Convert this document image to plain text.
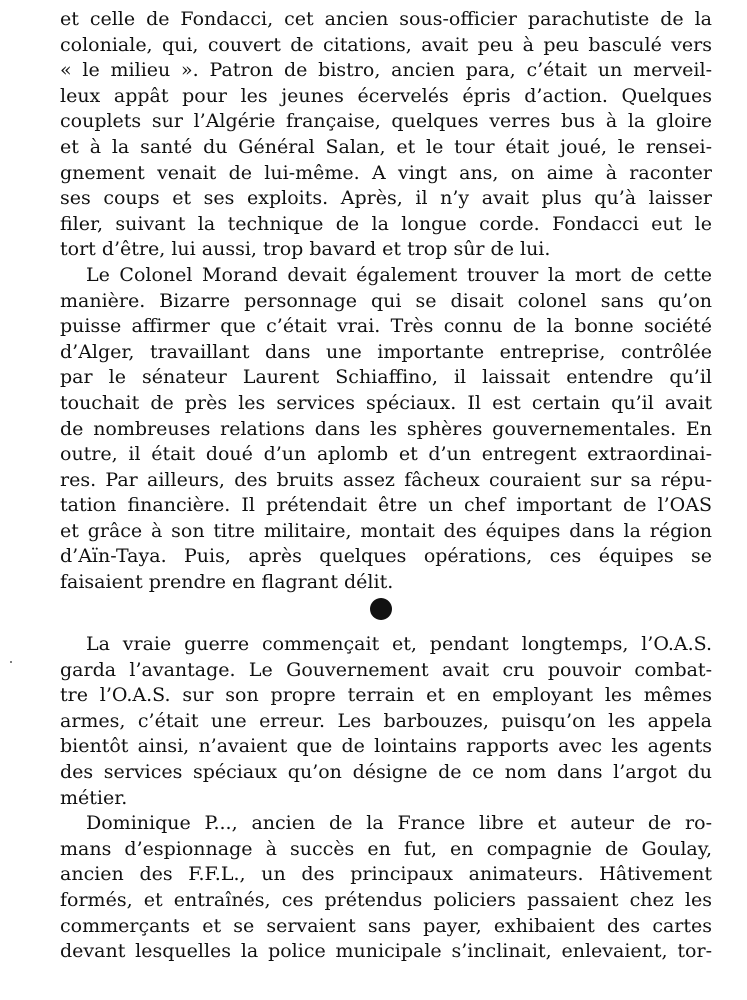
et celle de Fondacci, cet ancien sous-officier parachutiste de la
coloniale, qui, couvert de citations, avait peu à peu basculé vers
« le milieu ». Patron de bistro, ancien para, c’était un merveil-
leux appât pour les jeunes écervelés épris d’action. Quelques
couplets sur l’Algérie française, quelques verres bus à la gloire
et à la santé du Général Salan, et le tour était joué, le rensei-
gnement venait de lui-même. A vingt ans, on aime à raconter
ses coups et ses exploits. Après, il n’y avait plus qu’à laisser
filer, suivant la technique de la longue corde. Fondacci eut le
tort d’être, lui aussi, trop bavard et trop sûr de lui.
Le Colonel Morand devait également trouver la mort de cette
manière. Bizarre personnage qui se disait colonel sans qu’on
puisse affirmer que c’était vrai. Très connu de la bonne société
d’Alger, travaillant dans une importante entreprise, contrôlée
par le sénateur Laurent Schiaffino, il laissait entendre qu’il
touchait de près les services spéciaux. Il est certain qu’il avait
de nombreuses relations dans les sphères gouvernementales. En
outre, il était doué d’un aplomb et d’un entregent extraordinai-
res. Par ailleurs, des bruits assez fâcheux couraient sur sa répu-
tation financière. Il prétendait être un chef important de l’OAS
et grâce à son titre militaire, montait des équipes dans la région
d’Aïn-Taya. Puis, après quelques opérations, ces équipes se
faisaient prendre en flagrant délit.
La vraie guerre commençait et, pendant longtemps, l’O.A.S.
garda l’avantage. Le Gouvernement avait cru pouvoir combat-
tre l’O.A.S. sur son propre terrain et en employant les mêmes
armes, c’était une erreur. Les barbouzes, puisqu’on les appela
bientôt ainsi, n’avaient que de lointains rapports avec les agents
des services spéciaux qu’on désigne de ce nom dans l’argot du
métier.
Dominique P..., ancien de la France libre et auteur de ro-
mans d’espionnage à succès en fut, en compagnie de Goulay,
ancien des F.F.L., un des principaux animateurs. Hâtivement
formés, et entraînés, ces prétendus policiers passaient chez les
commerçants et se servaient sans payer, exhibaient des cartes
devant lesquelles la police municipale s’inclinait, enlevaient, tor-
